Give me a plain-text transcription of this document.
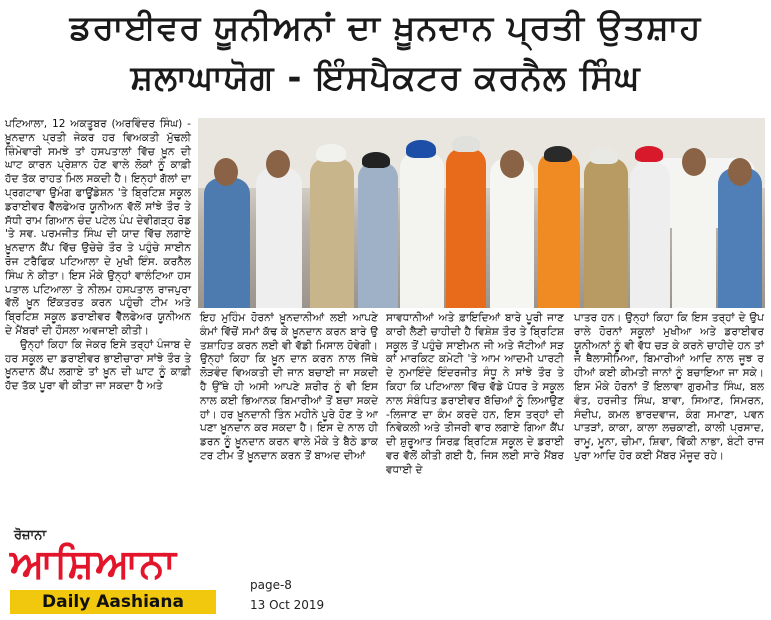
ਡਰਾਈਵਰ ਯੂਨੀਅਨਾਂ ਦਾ ਖ਼ੂਨਦਾਨ ਪ੍ਰਤੀ ਉਤਸ਼ਾਹ
ਸ਼ਲਾਘਾਯੋਗ - ਇੰਸਪੈਕਟਰ ਕਰਨੈਲ ਸਿੰਘ
ਪਟਿਆਲਾ, 12 ਅਕਤੂਬਰ (ਅਰਵਿੰਦਰ ਸਿੰਘ) - ਖ਼ੂਨਦਾਨ ਪ੍ਰਤੀ ਜੇਕਰ ਹਰ ਵਿਅਕਤੀ ਮੁੱਢਲੀ ਜ਼ਿੰਮੇਵਾਰੀ ਸਮਝੇ ਤਾਂ ਹਸਪਤਾਲਾਂ ਵਿੱਚ ਖ਼ੂਨ ਦੀ ਘਾਟ ਕਾਰਨ ਪ੍ਰੇਸ਼ਾਨ ਹੋਣ ਵਾਲੇ ਲੋਕਾਂ ਨੂੰ ਕਾਫ਼ੀ ਹੱਦ ਤੱਕ ਰਾਹਤ ਮਿਲ ਸਕਦੀ ਹੈ। ਇਨ੍ਹਾਂ ਗੱਲਾਂ ਦਾ ਪ੍ਰਗਟਾਵਾ ਉਮੰਗ ਫਾਊਂਡੇਸ਼ਨ 'ਤੇ ਬ੍ਰਿਟਿਸ਼ ਸਕੂਲ ਡਰਾਈਵਰ ਵੈੱਲਫੇਅਰ ਯੂਨੀਅਨ ਵੱਲੋਂ ਸਾਂਝੇ ਤੌਰ ਤੇ ਸੱਧੀ ਰਾਮ ਗਿਆਨ ਚੰਦ ਪਟੇਲ ਪੰਪ ਦੇਵੀਗੜ੍ਹ ਰੋਡ 'ਤੇ ਸਵ. ਪਰਮਜੀਤ ਸਿੰਘ ਦੀ ਯਾਦ ਵਿੱਚ ਲਗਾਏ ਖ਼ੂਨਦਾਨ ਕੈਂਪ ਵਿੱਚ ਉਚੇਚੇ ਤੌਰ ਤੇ ਪਹੁੰਚੇ ਸਾਈਨ ਰੋਜ ਟਰੈਫਿਕ ਪਟਿਆਲਾ ਦੇ ਮੁਖੀ ਇੰਸ. ਕਰਨੈਲ ਸਿੰਘ ਨੇ ਕੀਤਾ। ਇਸ ਮੌਕੇ ਉਨ੍ਹਾਂ ਵਾਲੰਟਿਆ ਹਸਪਤਾਲ ਪਟਿਆਲਾ ਤੇ ਨੀਲਮ ਹਸਪਤਾਲ ਰਾਜਪੁਰਾ ਵੱਲੋਂ ਖ਼ੂਨ ਇੱਕਤਰਤ ਕਰਨ ਪਹੁੰਚੀ ਟੀਮ ਅਤੇ ਬ੍ਰਿਟਿਸ਼ ਸਕੂਲ ਡਰਾਈਵਰ ਵੈੱਲਫੇਅਰ ਯੂਨੀਅਨ ਦੇ ਮੈਂਬਰਾਂ ਦੀ ਹੌਸਲਾ ਅਵਜਾਈ ਕੀਤੀ।
ਉਨ੍ਹਾਂ ਕਿਹਾ ਕਿ ਜੇਕਰ ਇਸੇ ਤਰ੍ਹਾਂ ਪੰਜਾਬ ਦੇ ਹਰ ਸਕੂਲ ਦਾ ਡਰਾਈਵਰ ਭਾਈਚਾਰਾ ਸਾਂਝੇ ਤੌਰ ਤੇ ਖ਼ੂਨਦਾਨ ਕੈਂਪ ਲਗਾਏ ਤਾਂ ਖ਼ੂਨ ਦੀ ਘਾਟ ਨੂੰ ਕਾਫ਼ੀ ਹੱਦ ਤੱਕ ਪੂਰਾ ਵੀ ਕੀਤਾ ਜਾ ਸਕਦਾ ਹੈ ਅਤੇ
ਇਹ ਮੁਹਿੰਮ ਹੋਰਨਾਂ ਖ਼ੂਨਦਾਨੀਆਂ ਲਈ ਆਪਣੇ ਕੰਮਾਂ ਵਿੱਚੋਂ ਸਮਾਂ ਕੱਢ ਕੇ ਖ਼ੂਨਦਾਨ ਕਰਨ ਬਾਰੇ ਉਤਸ਼ਾਹਿਤ ਕਰਨ ਲਈ ਵੀ ਵੱਡੀ ਮਿਸਾਲ ਹੋਵੇਗੀ। ਉਨ੍ਹਾਂ ਕਿਹਾ ਕਿ ਖ਼ੂਨ ਦਾਨ ਕਰਨ ਨਾਲ ਜਿੱਥੇ ਲੋੜਵੰਦ ਵਿਅਕਤੀ ਦੀ ਜਾਨ ਬਚਾਈ ਜਾ ਸਕਦੀ ਹੈ ਉੱਥੇ ਹੀ ਅਸੀ ਆਪਣੇ ਸ਼ਰੀਰ ਨੂੰ ਵੀ ਇਸ ਨਾਲ ਕਈ ਭਿਆਨਕ ਬਿਮਾਰੀਆਂ ਤੋਂ ਬਚਾ ਸਕਦੇ ਹਾਂ। ਹਰ ਖ਼ੂਨਦਾਨੀ ਤਿੰਨ ਮਹੀਨੇ ਪੂਰੇ ਹੋਣ ਤੇ ਆਪਣਾ ਖ਼ੂਨਦਾਨ ਕਰ ਸਕਦਾ ਹੈ। ਇਸ ਦੇ ਨਾਲ ਹੀ ਡਰਨ ਨੂੰ ਖ਼ੂਨਦਾਨ ਕਰਨ ਵਾਲੇ ਮੌਕੇ ਤੇ ਬੈਠੇ ਡਾਕਟਰ ਟੀਮ ਤੋਂ ਖ਼ੂਨਦਾਨ ਕਰਨ ਤੋਂ ਬਾਅਦ ਦੀਆਂ
ਸਾਵਧਾਨੀਆਂ ਅਤੇ ਫ਼ਾਇਦਿਆਂ ਬਾਰੇ ਪੂਰੀ ਜਾਣਕਾਰੀ ਲੈਣੀ ਚਾਹੀਦੀ ਹੈ ਵਿਸ਼ੇਸ਼ ਤੌਰ ਤੇ ਬ੍ਰਿਟਿਸ਼ ਸਕੂਲ ਤੋਂ ਪਹੁੰਚੇ ਸਾਈਮਨ ਜੀ ਅਤੇ ਜੱਟੀਆਂ ਸੜਕਾਂ ਮਾਰਕਿਟ ਕਮੇਟੀ 'ਤੇ ਆਮ ਆਦਮੀ ਪਾਰਟੀ ਦੇ ਨੁਮਾਇੰਦੇ ਇੰਦਰਜੀਤ ਸੰਧੂ ਨੇ ਸਾਂਝੇ ਤੌਰ ਤੇ ਕਿਹਾ ਕਿ ਪਟਿਆਲਾ ਵਿੱਚ ਵੱਡੇ ਪੱਧਰ ਤੇ ਸਕੂਲ ਨਾਲ ਸੰਬੰਧਿਤ ਡਰਾਈਵਰ ਬੱਚਿਆਂ ਨੂੰ ਲਿਆਉਣ-ਲਿਜਾਣ ਦਾ ਕੰਮ ਕਰਦੇ ਹਨ, ਇਸ ਤਰ੍ਹਾਂ ਦੀ ਨਿਵੇਕਲੀ ਅਤੇ ਤੀਜਰੀ ਵਾਰ ਲਗਾਏ ਗਿਆ ਕੈਂਪ ਦੀ ਸ਼ੁਰੂਆਤ ਸਿਰਫ਼ ਬ੍ਰਿਟਿਸ਼ ਸਕੂਲ ਦੇ ਡਰਾਈਵਰ ਵੱਲੋਂ ਕੀਤੀ ਗਈ ਹੈ, ਜਿਸ ਲਈ ਸਾਰੇ ਮੈਂਬਰ ਵਧਾਈ ਦੇ
ਪਾਤਰ ਹਨ। ਉਨ੍ਹਾਂ ਕਿਹਾ ਕਿ ਇਸ ਤਰ੍ਹਾਂ ਦੇ ਉਪਰਾਲੇ ਹੋਰਨਾਂ ਸਕੂਲਾਂ ਮੁਖੀਆ ਅਤੇ ਡਰਾਈਵਰ ਯੂਨੀਅਨਾਂ ਨੂੰ ਵੀ ਵੱਧ ਚੜ ਕੇ ਕਰਨੇ ਚਾਹੀਦੇ ਹਨ ਤਾਂ ਜੋ ਥੈਲਾਸੀਮਿਆ, ਬਿਮਾਰੀਆਂ ਆਦਿ ਨਾਲ ਜੂਝ ਰਹੀਆਂ ਕਈ ਕੀਮਤੀ ਜਾਨਾਂ ਨੂੰ ਬਚਾਇਆ ਜਾ ਸਕੇ। ਇਸ ਮੌਕੇ ਹੋਰਨਾਂ ਤੋਂ ਇਲਾਵਾ ਗੁਰਮੀਤ ਸਿੰਘ, ਬਲਵੰਤ, ਹਰਜੀਤ ਸਿੰਘ, ਬਾਵਾ, ਸਿਆਣ, ਸਿਮਰਨ, ਸੰਦੀਪ, ਕਮਲ ਭਾਰਦਵਾਜ, ਕੰਗ ਸਮਾਣਾ, ਪਵਨ ਪਾਤੜਾਂ, ਕਾਕਾ, ਕਾਲਾ ਲਚਕਾਣੀ, ਕਾਲੀ ਪ੍ਰਸਾਦ, ਰਾਮੂ, ਮੂਨਾ, ਚੀਮਾ, ਸ਼ਿਵਾ, ਵਿੱਕੀ ਨਾਭਾ, ਬੰਟੀ ਰਾਜਪੁਰਾ ਆਦਿ ਹੋਰ ਕਈ ਮੈਂਬਰ ਮੌਜੂਦ ਰਹੇ।
ਰੋਜ਼ਾਨਾ
ਆਸ਼ਿਆਨਾ
Daily Aashiana
page-8
13 Oct 2019
